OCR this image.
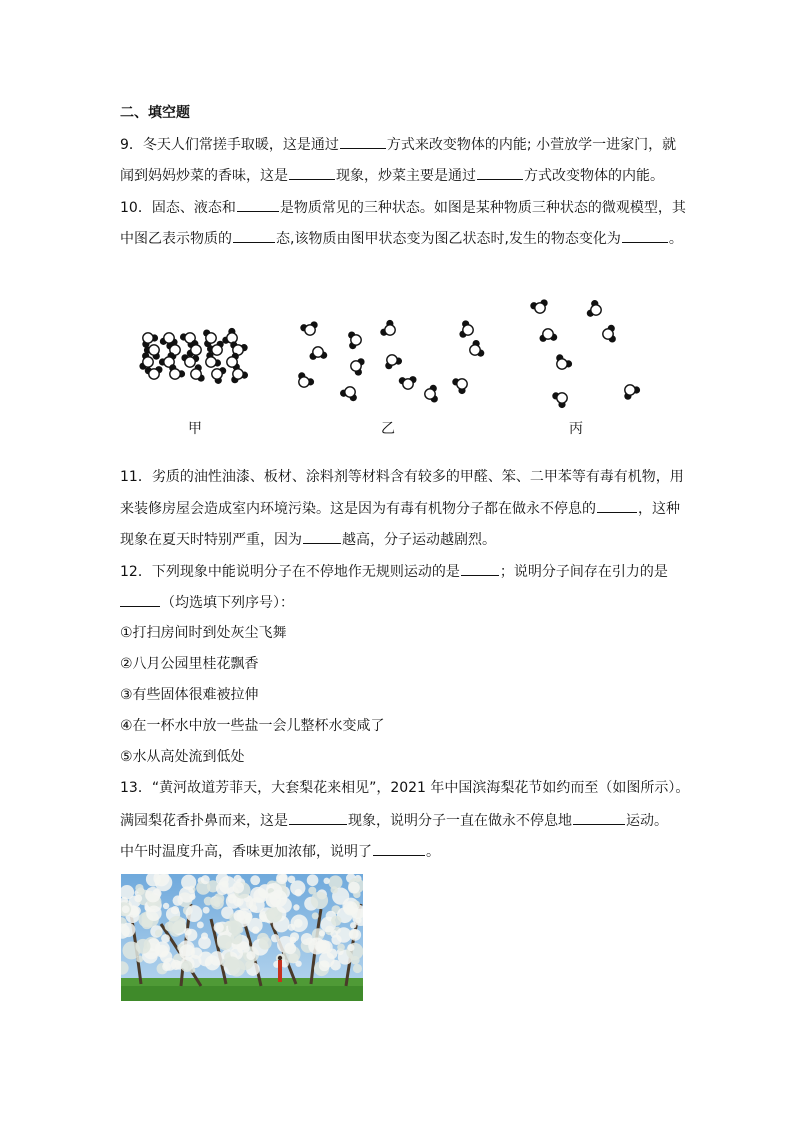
二、填空题
9．冬天人们常搓手取暖，这是通过	方式来改变物体的内能; 小萱放学一进家门，就
闻到妈妈炒菜的香味，这是	现象，炒菜主要是通过	方式改变物体的内能。
10．固态、液态和	是物质常见的三种状态。如图是某种物质三种状态的微观模型，其
中图乙表示物质的	态,该物质由图甲状态变为图乙状态时,发生的物态变化为	。
甲	乙	丙
11．劣质的油性油漆、板材、涂料剂等材料含有较多的甲醛、笨、二甲苯等有毒有机物，用
来装修房屋会造成室内环境污染。这是因为有毒有机物分子都在做永不停息的	，这种
现象在夏天时特别严重，因为	越高，分子运动越剧烈。
12．下列现象中能说明分子在不停地作无规则运动的是	；说明分子间存在引力的是
（均选填下列序号）：
①打扫房间时到处灰尘飞舞
②八月公园里桂花飘香
③有些固体很难被拉伸
④在一杯水中放一些盐一会儿整杯水变咸了
⑤水从高处流到低处
13．“黄河故道芳菲天，大套梨花来相见”，2021 年中国滨海梨花节如约而至（如图所示）。
满园梨花香扑鼻而来，这是	现象，说明分子一直在做永不停息地	运动。
中午时温度升高，香味更加浓郁，说明了	。
